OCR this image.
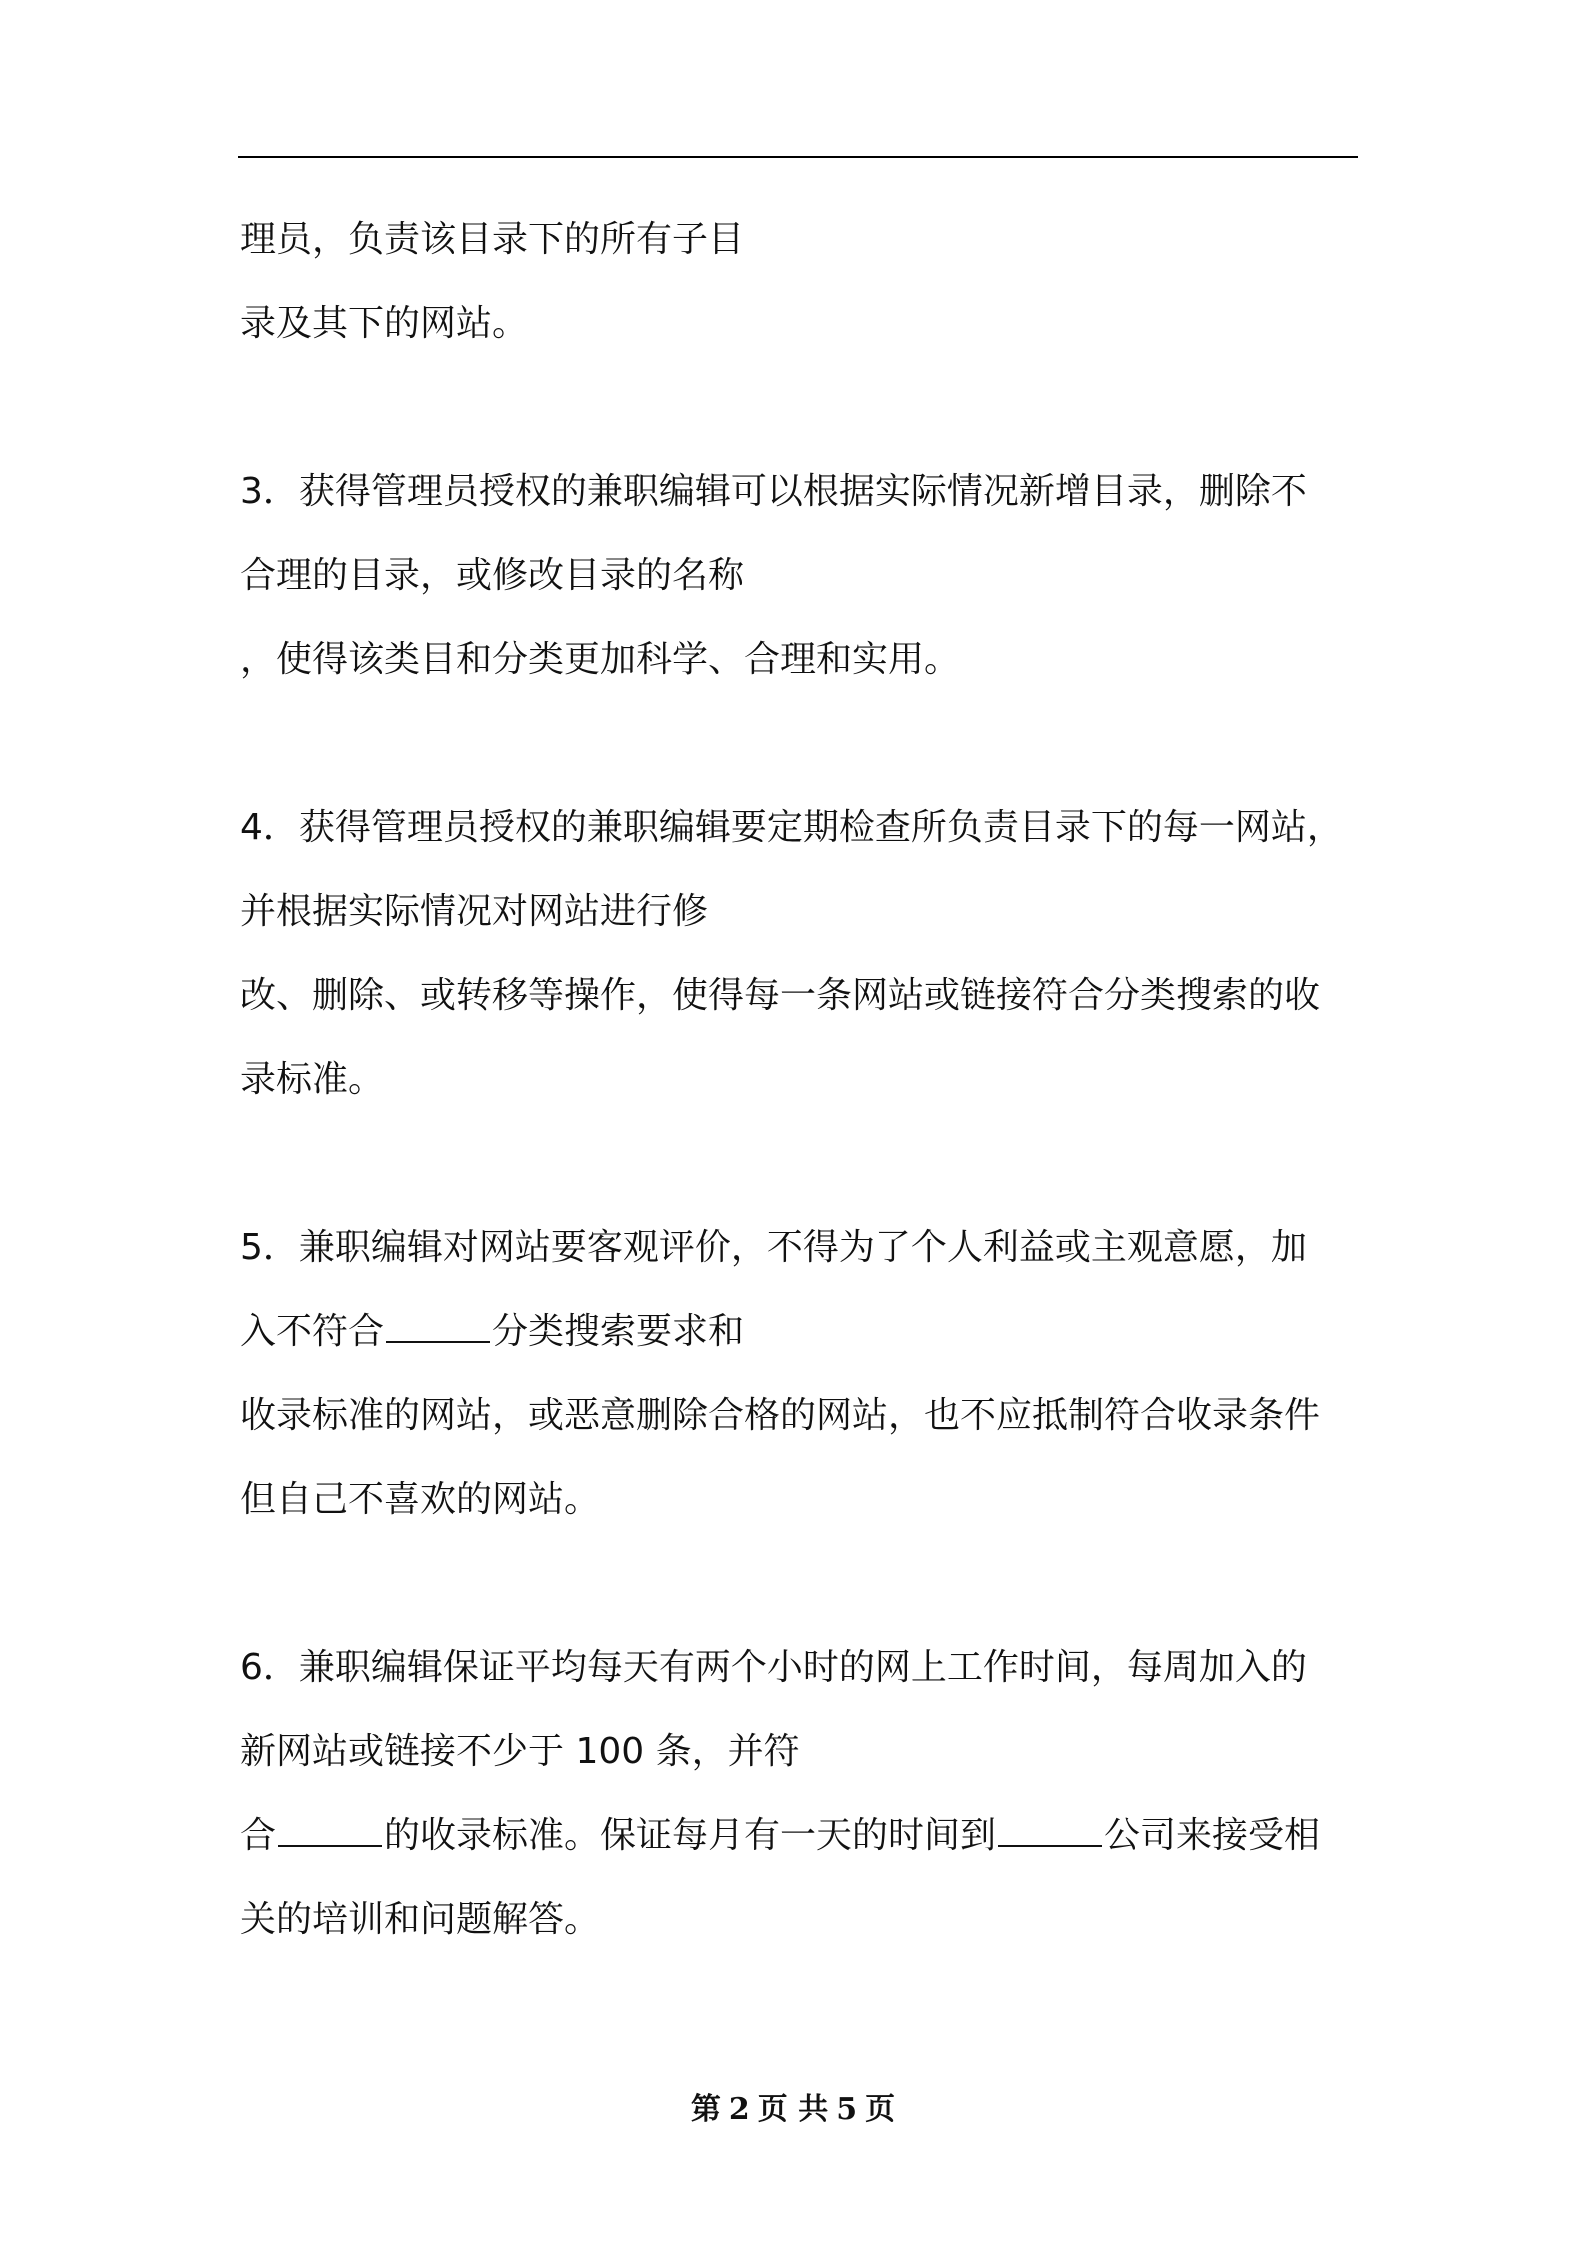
理员，负责该目录下的所有子目
录及其下的网站。
3．获得管理员授权的兼职编辑可以根据实际情况新增目录，删除不
合理的目录，或修改目录的名称
，使得该类目和分类更加科学、合理和实用。
4．获得管理员授权的兼职编辑要定期检查所负责目录下的每一网站，
并根据实际情况对网站进行修
改、删除、或转移等操作，使得每一条网站或链接符合分类搜索的收
录标准。
5．兼职编辑对网站要客观评价，不得为了个人利益或主观意愿，加
入不符合	分类搜索要求和
收录标准的网站，或恶意删除合格的网站，也不应抵制符合收录条件
但自己不喜欢的网站。
6．兼职编辑保证平均每天有两个小时的网上工作时间，每周加入的
新网站或链接不少于 100 条，并符
合	的收录标准。保证每月有一天的时间到	公司来接受相
关的培训和问题解答。
第 2 页 共 5 页
